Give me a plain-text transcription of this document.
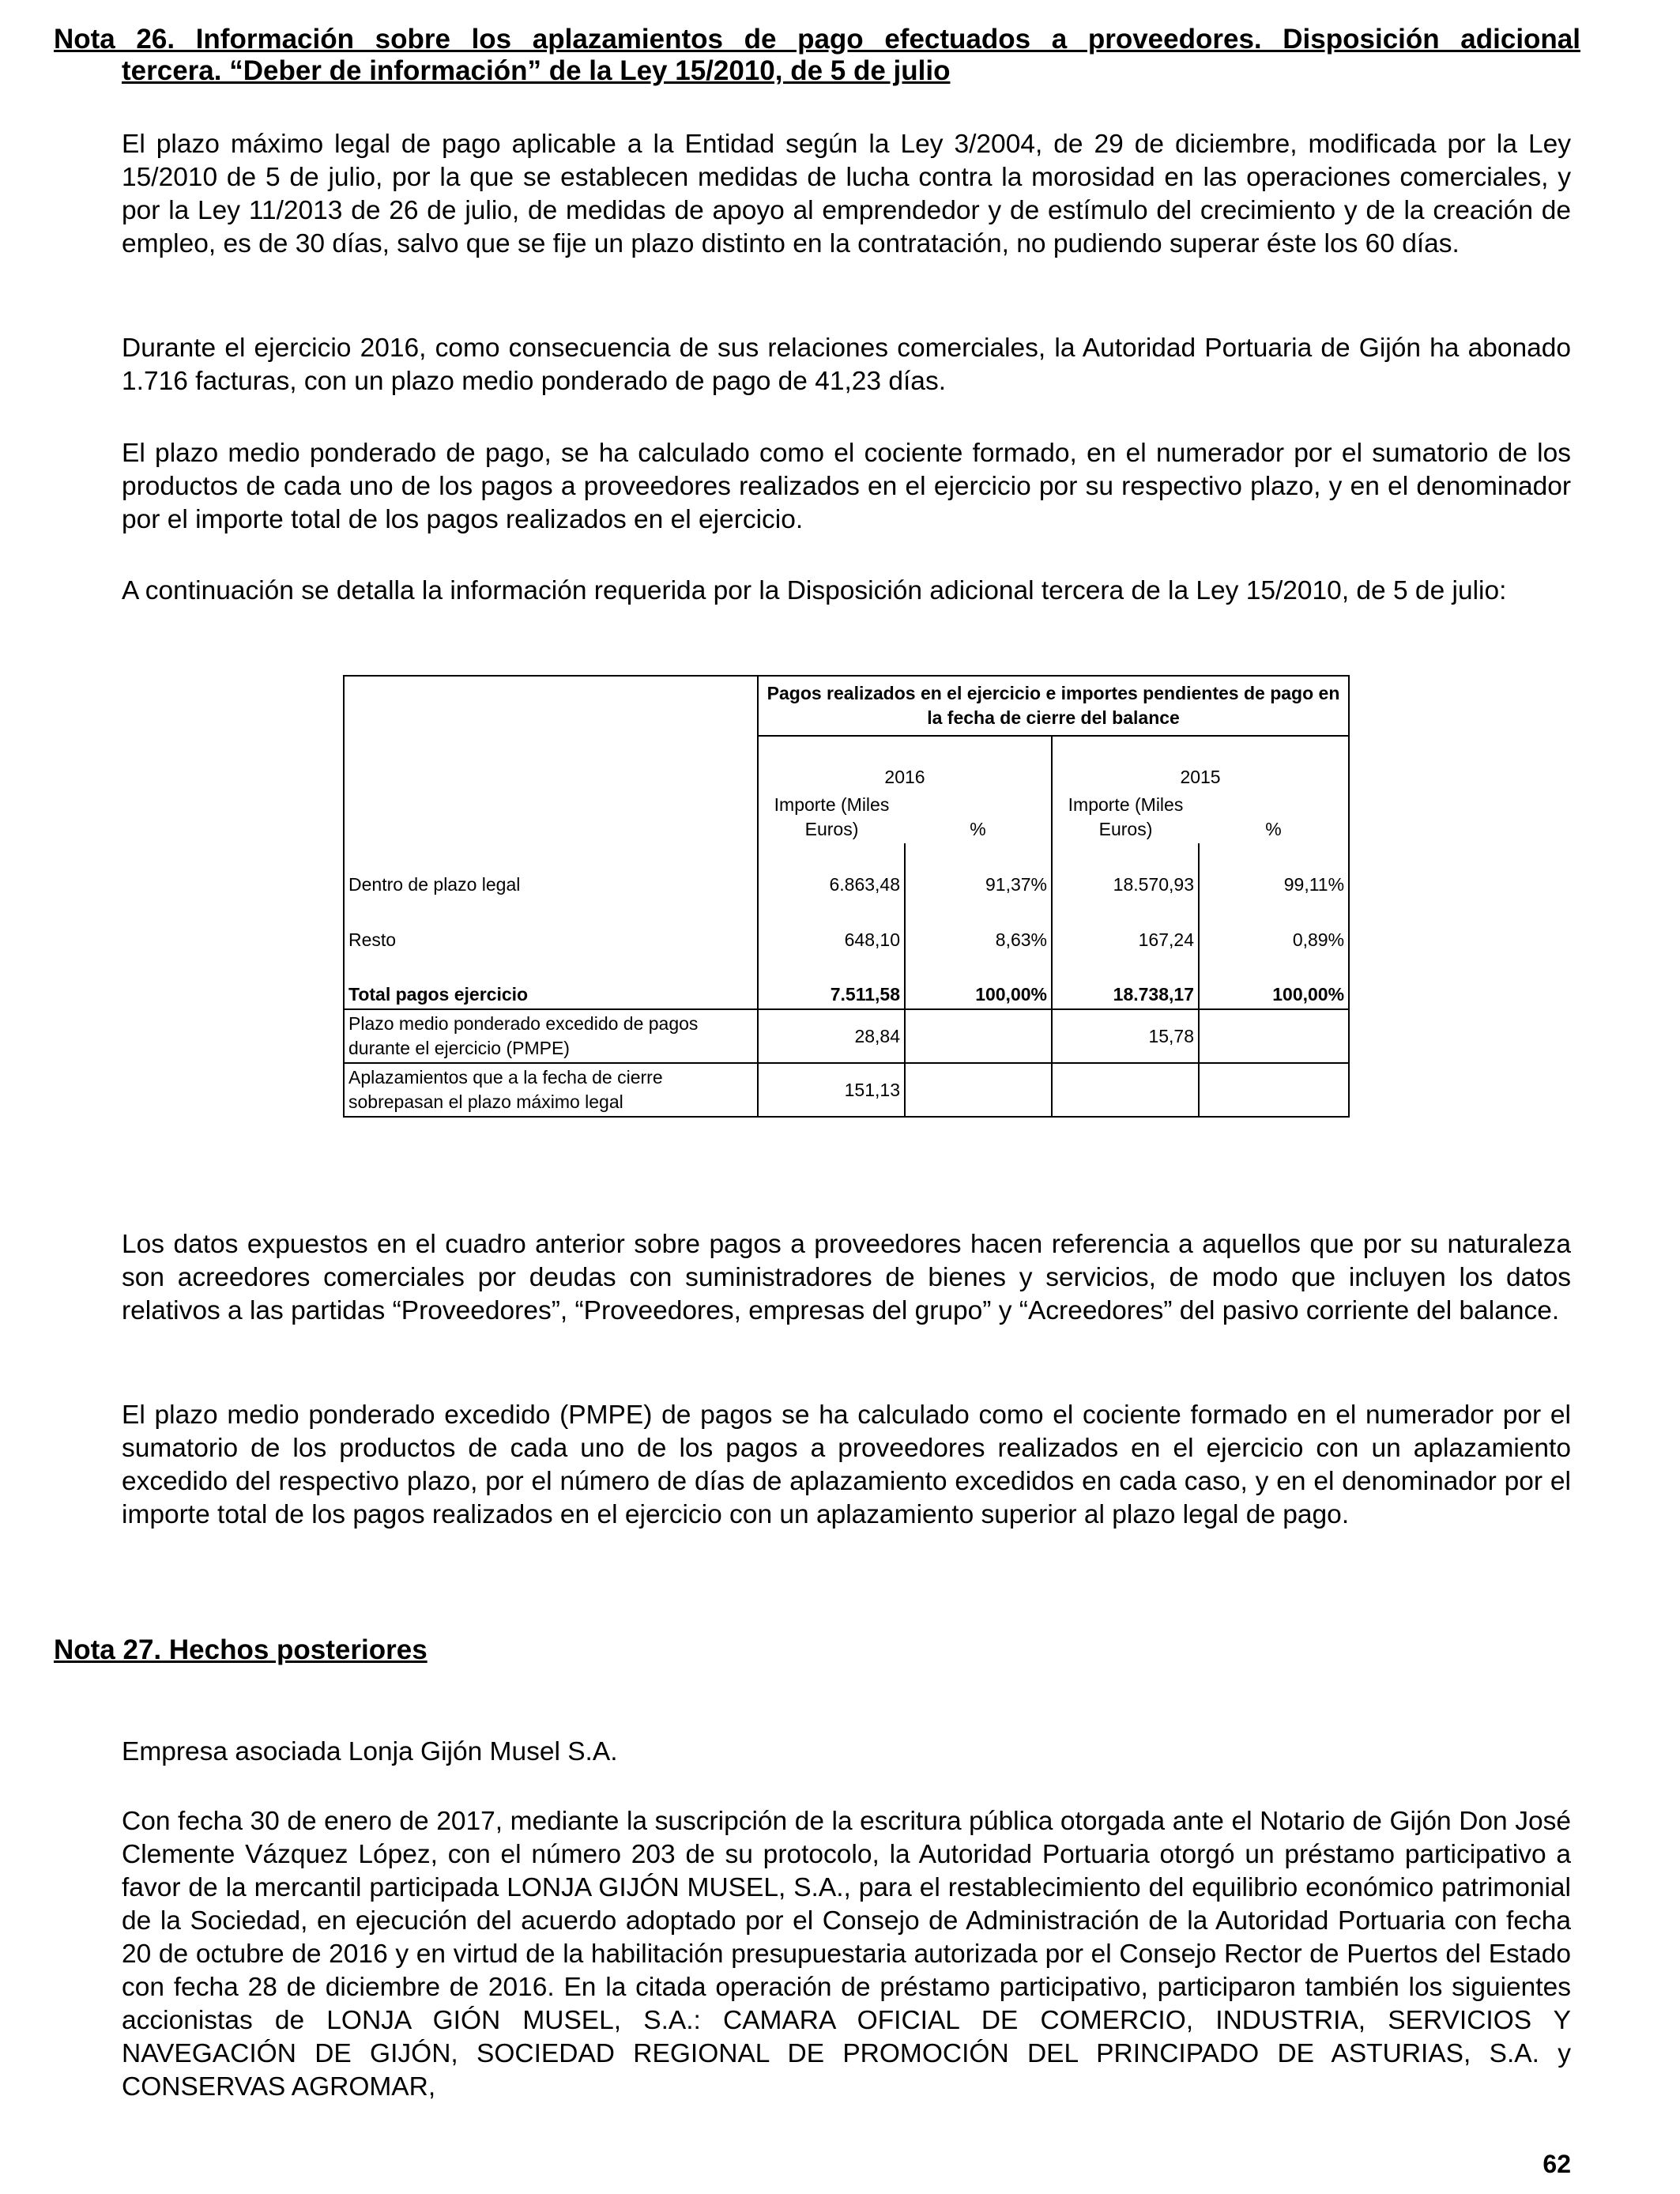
Nota 26. Información sobre los aplazamientos de pago efectuados a proveedores. Disposición adicional
tercera. “Deber de información” de la Ley 15/2010, de 5 de julio

El plazo máximo legal de pago aplicable a la Entidad según la Ley 3/2004, de 29 de diciembre, modificada por la Ley 15/2010 de 5 de julio, por la que se establecen medidas de lucha contra la morosidad en las operaciones comerciales, y por la Ley 11/2013 de 26 de julio, de medidas de apoyo al emprendedor y de estímulo del crecimiento y de la creación de empleo, es de 30 días, salvo que se fije un plazo distinto en la contratación, no pudiendo superar éste los 60 días.

Durante el ejercicio 2016, como consecuencia de sus relaciones comerciales, la Autoridad Portuaria de Gijón ha abonado 1.716 facturas, con un plazo medio ponderado de pago de 41,23 días.

El plazo medio ponderado de pago, se ha calculado como el cociente formado, en el numerador por el sumatorio de los productos de cada uno de los pagos a proveedores realizados en el ejercicio por su respectivo plazo, y en el denominador por el importe total de los pagos realizados en el ejercicio.

A continuación se detalla la información requerida por la Disposición adicional tercera de la Ley 15/2010, de 5 de julio:

	Pagos realizados en el ejercicio e importes pendientes de pago en la fecha de cierre del balance			
	2016		2015	
	Importe (Miles Euros)	%	Importe (Miles Euros)	%

Dentro de plazo legal	6.863,48	91,37%	18.570,93	99,11%
Resto	648,10	8,63%	167,24	0,89%
Total pagos ejercicio	7.511,58	100,00%	18.738,17	100,00%
Plazo medio ponderado excedido de pagos durante el ejercicio (PMPE)	28,84		15,78	
Aplazamientos que a la fecha de cierre sobrepasan el plazo máximo legal	151,13			

Los datos expuestos en el cuadro anterior sobre pagos a proveedores hacen referencia a aquellos que por su naturaleza son acreedores comerciales por deudas con suministradores de bienes y servicios, de modo que incluyen los datos relativos a las partidas “Proveedores”, “Proveedores, empresas del grupo” y “Acreedores” del pasivo corriente del balance.

El plazo medio ponderado excedido (PMPE) de pagos se ha calculado como el cociente formado en el numerador por el sumatorio de los productos de cada uno de los pagos a proveedores realizados en el ejercicio con un aplazamiento excedido del respectivo plazo, por el número de días de aplazamiento excedidos en cada caso, y en el denominador por el importe total de los pagos realizados en el ejercicio con un aplazamiento superior al plazo legal de pago.

Nota 27. Hechos posteriores
Empresa asociada Lonja Gijón Musel S.A.

Con fecha 30 de enero de 2017, mediante la suscripción de la escritura pública otorgada ante el Notario de Gijón Don José Clemente Vázquez López, con el número 203 de su protocolo, la Autoridad Portuaria otorgó un préstamo participativo a favor de la mercantil participada LONJA GIJÓN MUSEL, S.A., para el restablecimiento del equilibrio económico patrimonial de la Sociedad, en ejecución del acuerdo adoptado por el Consejo de Administración de la Autoridad Portuaria con fecha 20 de octubre de 2016 y en virtud de la habilitación presupuestaria autorizada por el Consejo Rector de Puertos del Estado con fecha 28 de diciembre de 2016. En la citada operación de préstamo participativo, participaron también los siguientes accionistas de LONJA GIÓN MUSEL, S.A.: CAMARA OFICIAL DE COMERCIO, INDUSTRIA, SERVICIOS Y NAVEGACIÓN DE GIJÓN, SOCIEDAD REGIONAL DE PROMOCIÓN DEL PRINCIPADO DE ASTURIAS, S.A. y CONSERVAS AGROMAR,

62
